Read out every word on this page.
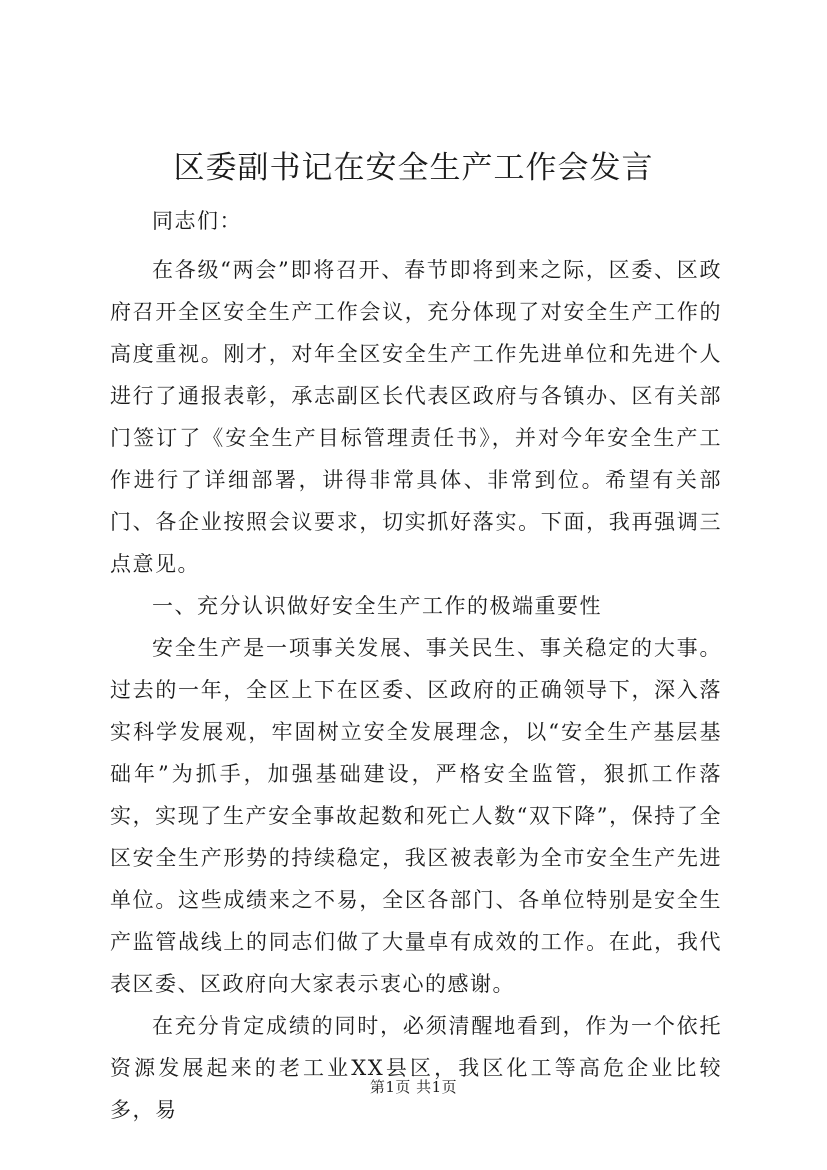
区委副书记在安全生产工作会发言

同志们：

在各级“两会”即将召开、春节即将到来之际，区委、区政府召开全区安全生产工作会议，充分体现了对安全生产工作的高度重视。刚才，对年全区安全生产工作先进单位和先进个人进行了通报表彰，承志副区长代表区政府与各镇办、区有关部门签订了《安全生产目标管理责任书》，并对今年安全生产工作进行了详细部署，讲得非常具体、非常到位。希望有关部门、各企业按照会议要求，切实抓好落实。下面，我再强调三点意见。

一、充分认识做好安全生产工作的极端重要性

安全生产是一项事关发展、事关民生、事关稳定的大事。过去的一年，全区上下在区委、区政府的正确领导下，深入落实科学发展观，牢固树立安全发展理念，以“安全生产基层基础年”为抓手，加强基础建设，严格安全监管，狠抓工作落实，实现了生产安全事故起数和死亡人数“双下降”，保持了全区安全生产形势的持续稳定，我区被表彰为全市安全生产先进单位。这些成绩来之不易，全区各部门、各单位特别是安全生产监管战线上的同志们做了大量卓有成效的工作。在此，我代表区委、区政府向大家表示衷心的感谢。

在充分肯定成绩的同时，必须清醒地看到，作为一个依托资源发展起来的老工业XX县区，我区化工等高危企业比较多，易

第1页 共1页
